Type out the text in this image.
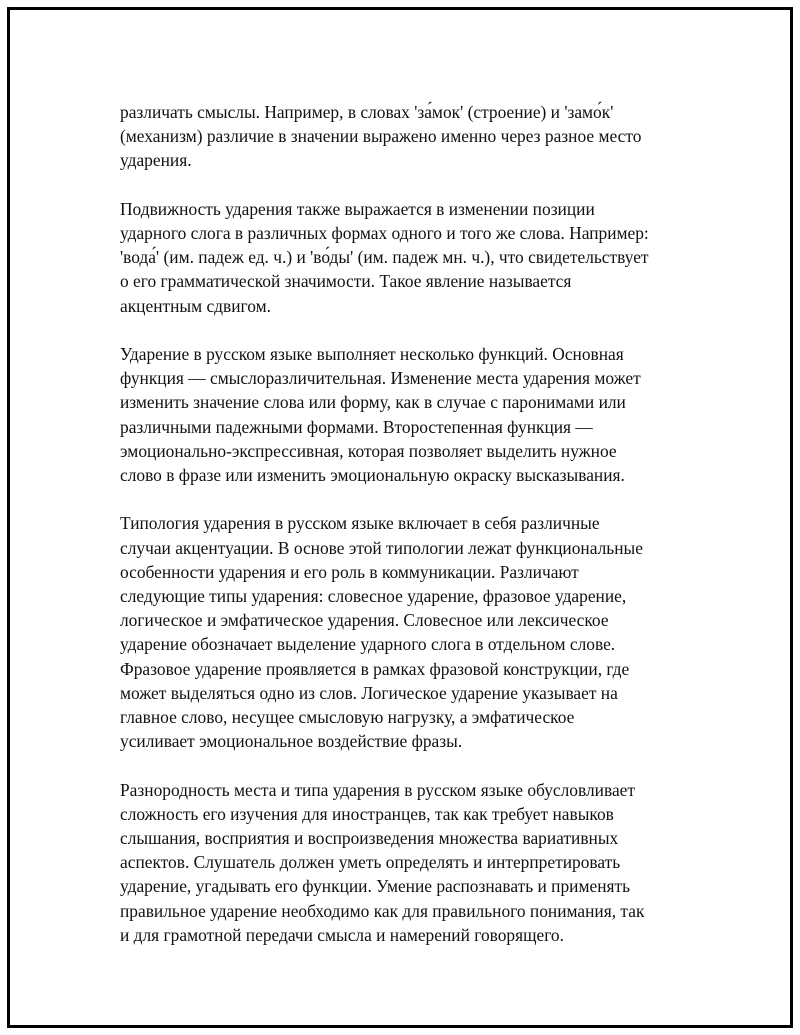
различать смыслы. Например, в словах 'за́мок' (строение) и 'замо́к'
(механизм) различие в значении выражено именно через разное место
ударения.

Подвижность ударения также выражается в изменении позиции
ударного слога в различных формах одного и того же слова. Например:
'вода́' (им. падеж ед. ч.) и 'во́ды' (им. падеж мн. ч.), что свидетельствует
о его грамматической значимости. Такое явление называется
акцентным сдвигом.

Ударение в русском языке выполняет несколько функций. Основная
функция — смыслоразличительная. Изменение места ударения может
изменить значение слова или форму, как в случае с паронимами или
различными падежными формами. Второстепенная функция —
эмоционально-экспрессивная, которая позволяет выделить нужное
слово в фразе или изменить эмоциональную окраску высказывания.

Типология ударения в русском языке включает в себя различные
случаи акцентуации. В основе этой типологии лежат функциональные
особенности ударения и его роль в коммуникации. Различают
следующие типы ударения: словесное ударение, фразовое ударение,
логическое и эмфатическое ударения. Словесное или лексическое
ударение обозначает выделение ударного слога в отдельном слове.
Фразовое ударение проявляется в рамках фразовой конструкции, где
может выделяться одно из слов. Логическое ударение указывает на
главное слово, несущее смысловую нагрузку, а эмфатическое
усиливает эмоциональное воздействие фразы.

Разнородность места и типа ударения в русском языке обусловливает
сложность его изучения для иностранцев, так как требует навыков
слышания, восприятия и воспроизведения множества вариативных
аспектов. Слушатель должен уметь определять и интерпретировать
ударение, угадывать его функции. Умение распознавать и применять
правильное ударение необходимо как для правильного понимания, так
и для грамотной передачи смысла и намерений говорящего.
